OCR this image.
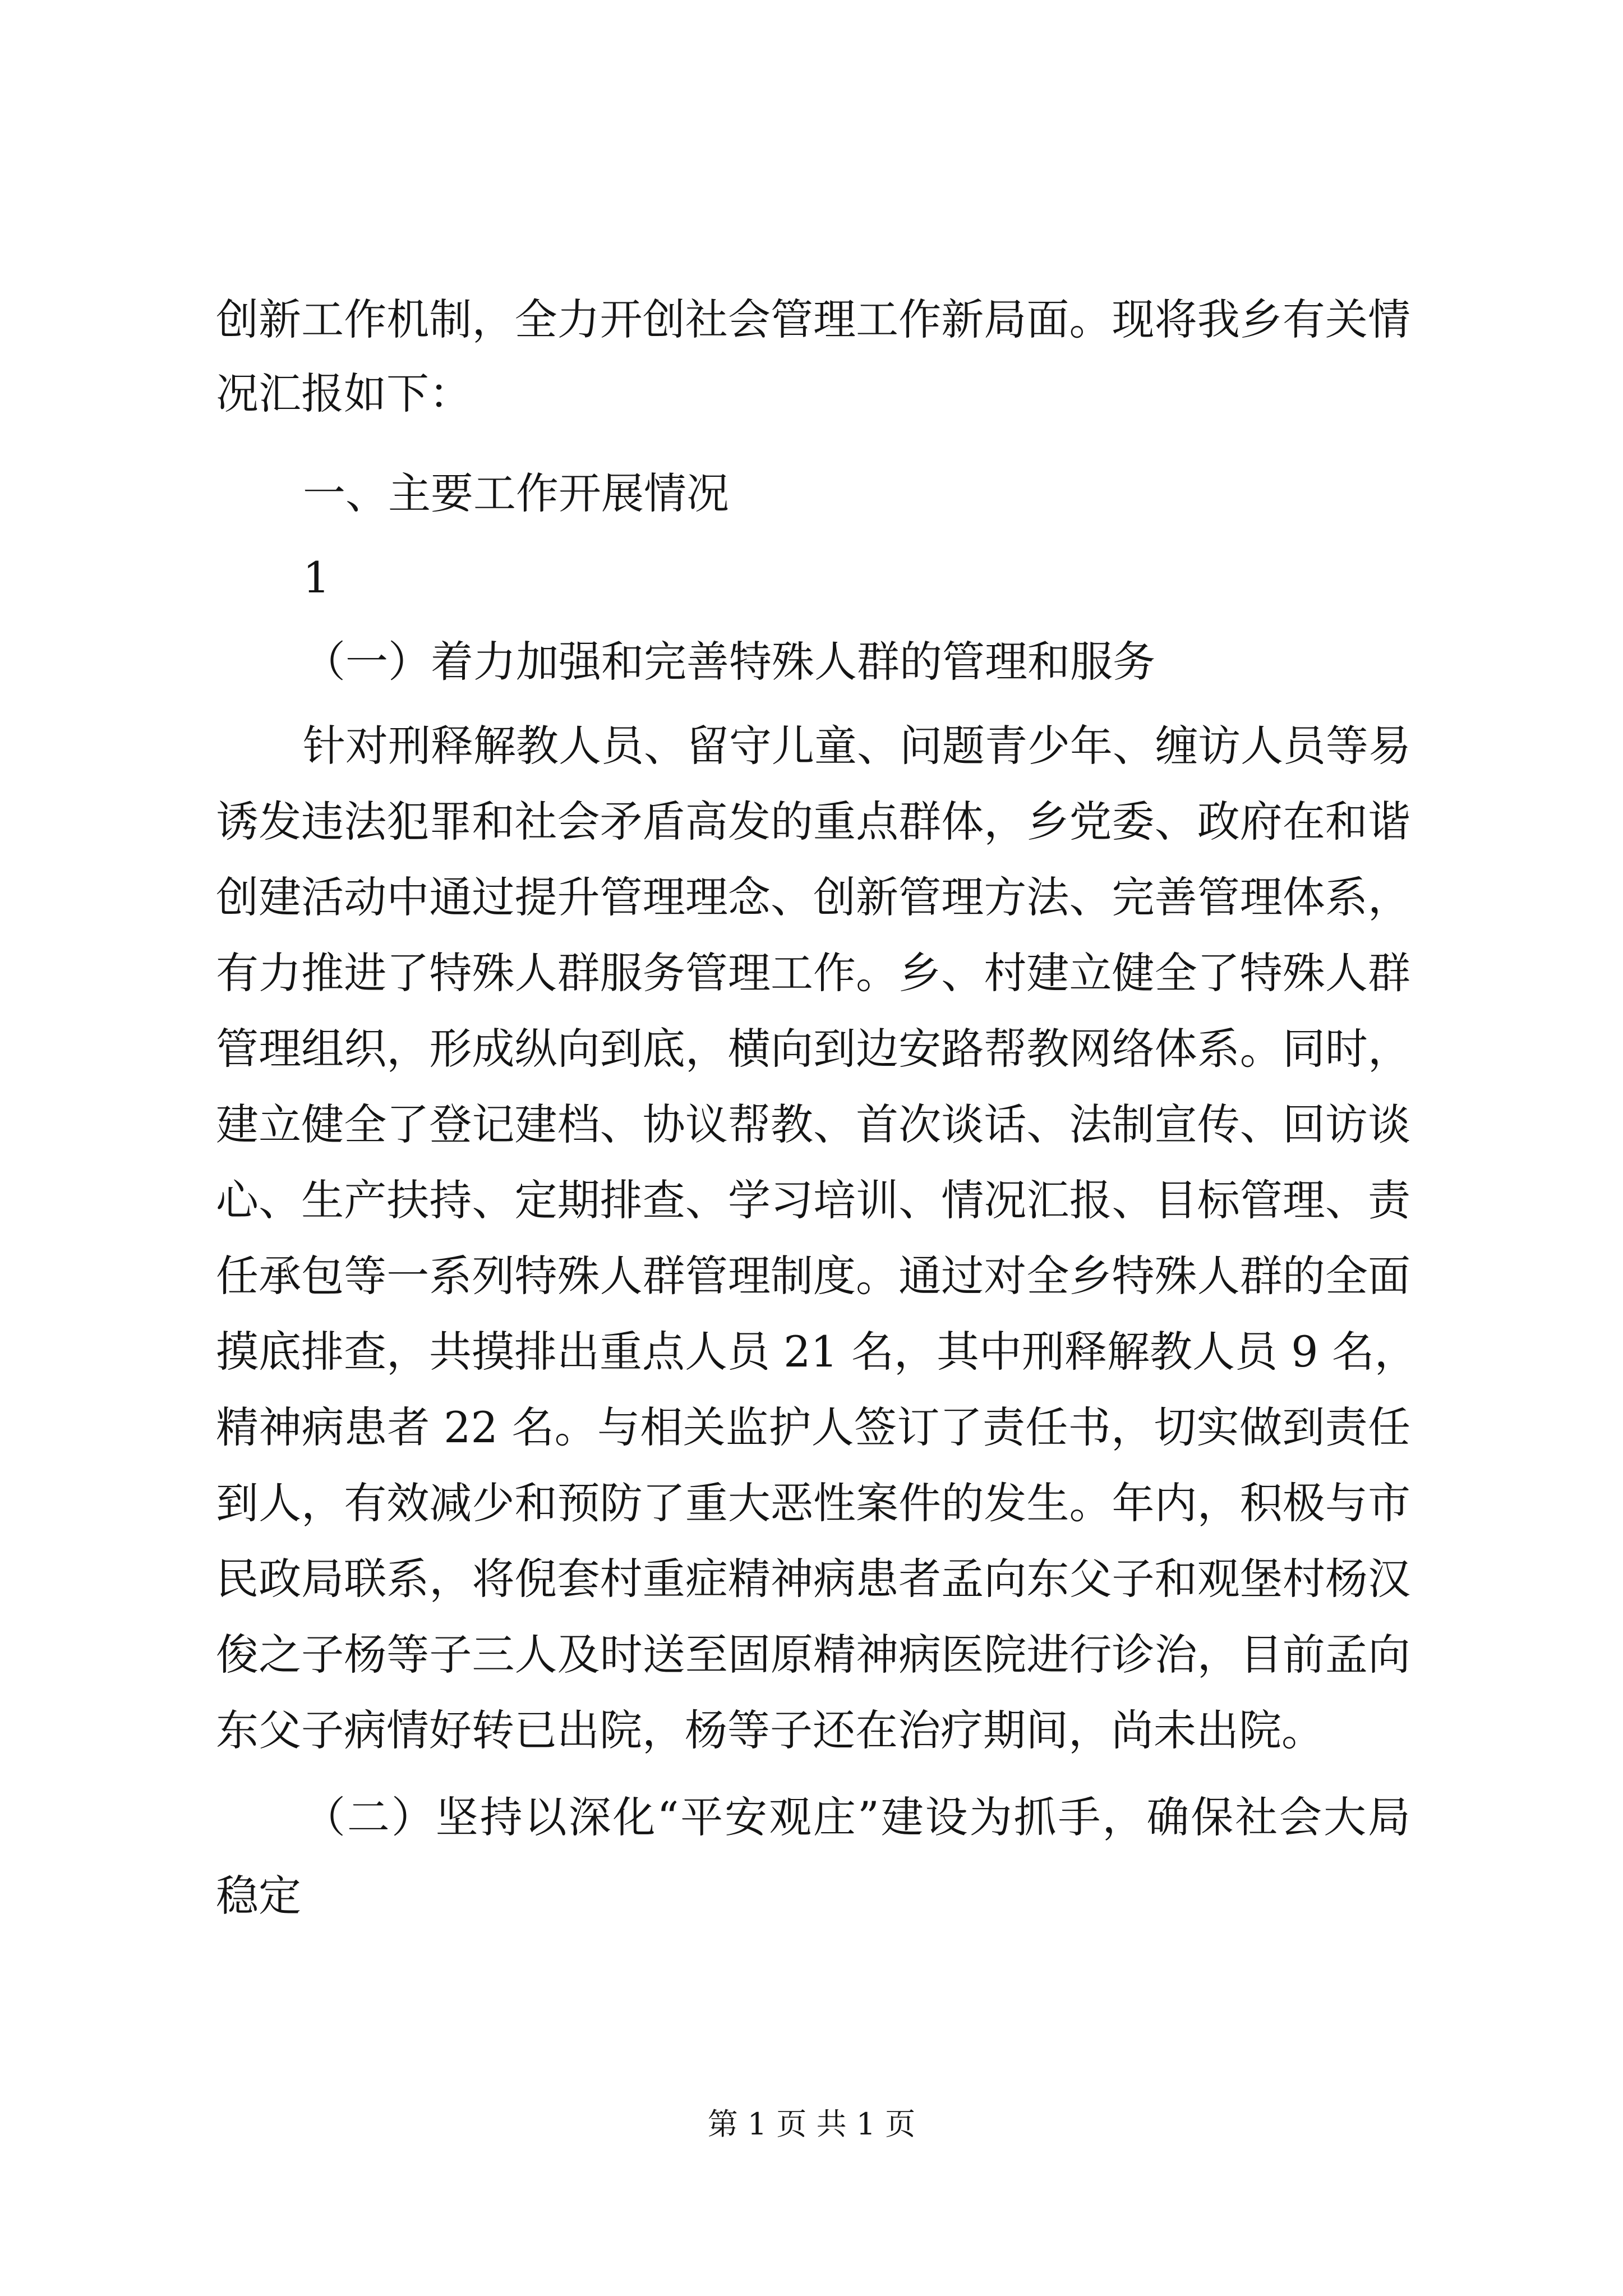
创新工作机制，全力开创社会管理工作新局面。现将我乡有关情
况汇报如下：
一、主要工作开展情况
1
（一）着力加强和完善特殊人群的管理和服务
针对刑释解教人员、留守儿童、问题青少年、缠访人员等易
诱发违法犯罪和社会矛盾高发的重点群体，乡党委、政府在和谐
创建活动中通过提升管理理念、创新管理方法、完善管理体系，
有力推进了特殊人群服务管理工作。乡、村建立健全了特殊人群
管理组织，形成纵向到底，横向到边安路帮教网络体系。同时，
建立健全了登记建档、协议帮教、首次谈话、法制宣传、回访谈
心、生产扶持、定期排查、学习培训、情况汇报、目标管理、责
任承包等一系列特殊人群管理制度。通过对全乡特殊人群的全面
摸底排查，共摸排出重点人员 21 名，其中刑释解教人员 9 名，
精神病患者 22 名。与相关监护人签订了责任书，切实做到责任
到人，有效减少和预防了重大恶性案件的发生。年内，积极与市
民政局联系，将倪套村重症精神病患者孟向东父子和观堡村杨汉
俊之子杨等子三人及时送至固原精神病医院进行诊治，目前孟向
东父子病情好转已出院，杨等子还在治疗期间，尚未出院。
（二）坚持以深化“平安观庄”建设为抓手，确保社会大局
稳定
第 1 页 共 1 页
